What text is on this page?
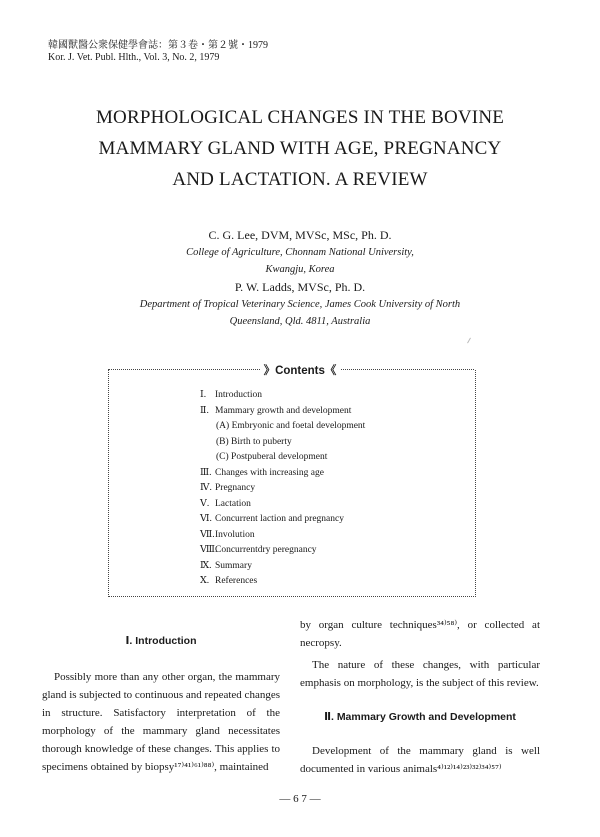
韓國獸醫公衆保健學會誌：第３卷・第２號・1979
Kor. J. Vet. Publ. Hlth., Vol. 3, No. 2, 1979
MORPHOLOGICAL CHANGES IN THE BOVINE
MAMMARY GLAND WITH AGE, PREGNANCY
AND LACTATION. A REVIEW
C. G. Lee, DVM, MVSc, MSc, Ph. D.
College of Agriculture, Chonnam National University,
Kwangju, Korea
P. W. Ladds, MVSc, Ph. D.
Department of Tropical Veterinary Science, James Cook University of North
Queensland, Qld. 4811, Australia
》Contents《
Ⅰ. Introduction
Ⅱ. Mammary growth and development
(A) Embryonic and foetal development
(B) Birth to puberty
(C) Postpuberal development
Ⅲ. Changes with increasing age
Ⅳ. Pregnancy
Ⅴ. Lactation
Ⅵ. Concurrent laction and pregnancy
Ⅶ.Involution
Ⅷ.Concurrentdry peregnancy
Ⅸ. Summary
Ⅹ. References
Ⅰ. Introduction

Possibly more than any other organ, the mammary gland is subjected to continuous and repeated changes in structure. Satisfactory interpretation of the morphology of the mammary gland necessitates thorough knowledge of these changes. This applies to specimens obtained by biopsy¹⁷⁾⁴¹⁾⁶¹⁾⁸⁸⁾, maintained

by organ culture techniques³⁴⁾⁵⁸⁾, or collected at necropsy.

The nature of these changes, with particular emphasis on morphology, is the subject of this review.

Ⅱ. Mammary Growth and Development

Development of the mammary gland is well documented in various animals⁴⁾¹²⁾¹⁴⁾²³⁾³²⁾³⁴⁾⁵⁷⁾

— 6 7 —
